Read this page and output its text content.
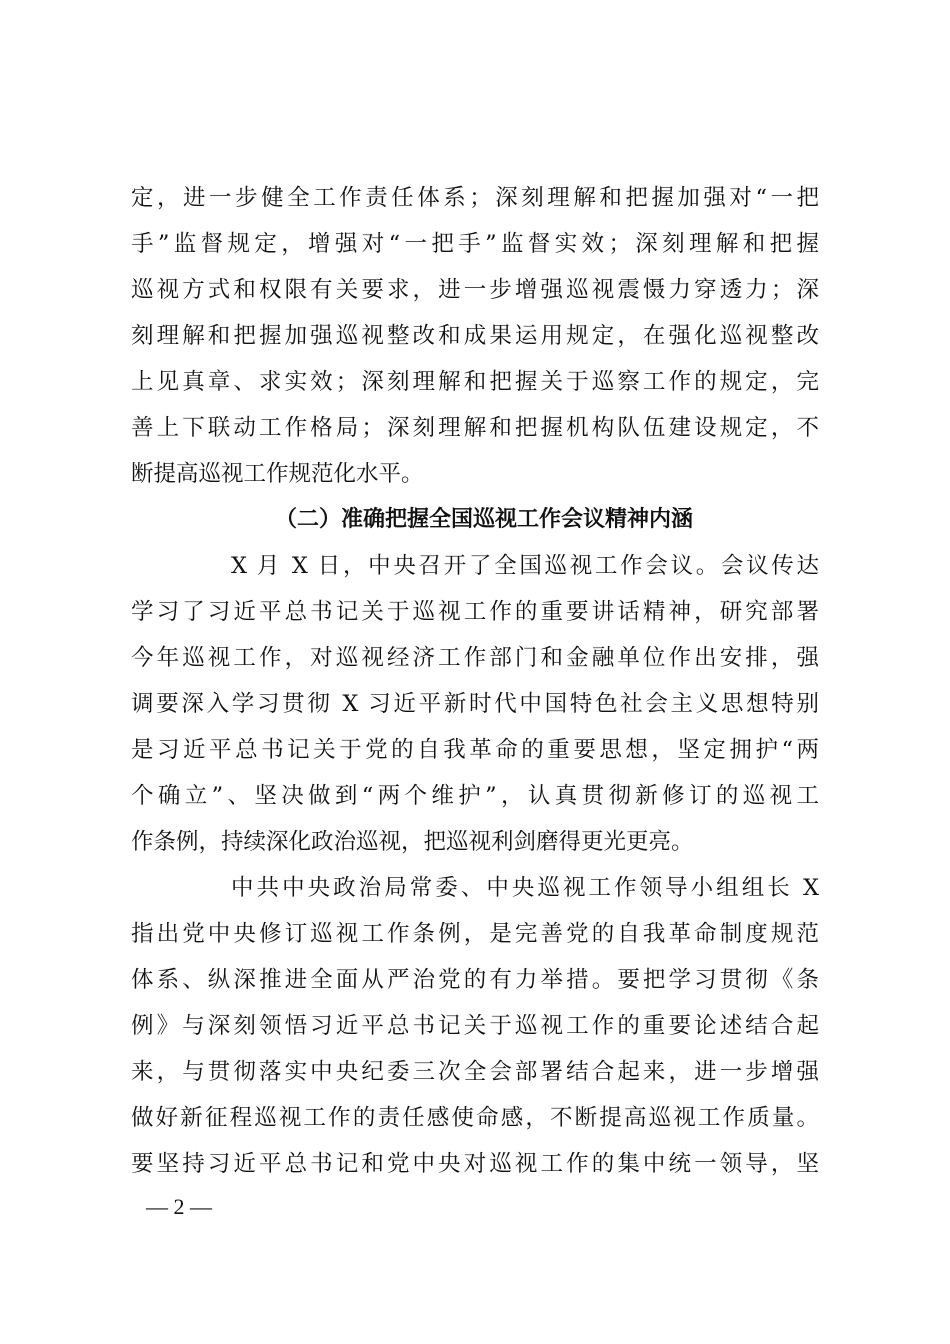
定，进一步健全工作责任体系；深刻理解和把握加强对“一把
手”监督规定，增强对“一把手”监督实效；深刻理解和把握
巡视方式和权限有关要求，进一步增强巡视震慑力穿透力；深
刻理解和把握加强巡视整改和成果运用规定，在强化巡视整改
上见真章、求实效；深刻理解和把握关于巡察工作的规定，完
善上下联动工作格局；深刻理解和把握机构队伍建设规定，不
断提高巡视工作规范化水平。
（二）准确把握全国巡视工作会议精神内涵
X 月 X 日，中央召开了全国巡视工作会议。会议传达
学习了习近平总书记关于巡视工作的重要讲话精神，研究部署
今年巡视工作，对巡视经济工作部门和金融单位作出安排，强
调要深入学习贯彻 X 习近平新时代中国特色社会主义思想特别
是习近平总书记关于党的自我革命的重要思想，坚定拥护“两
个确立”、坚决做到“两个维护”，认真贯彻新修订的巡视工
作条例，持续深化政治巡视，把巡视利剑磨得更光更亮。
中共中央政治局常委、中央巡视工作领导小组组长 X
指出党中央修订巡视工作条例，是完善党的自我革命制度规范
体系、纵深推进全面从严治党的有力举措。要把学习贯彻《条
例》与深刻领悟习近平总书记关于巡视工作的重要论述结合起
来，与贯彻落实中央纪委三次全会部署结合起来，进一步增强
做好新征程巡视工作的责任感使命感，不断提高巡视工作质量。
要坚持习近平总书记和党中央对巡视工作的集中统一领导，坚
— 2 —
